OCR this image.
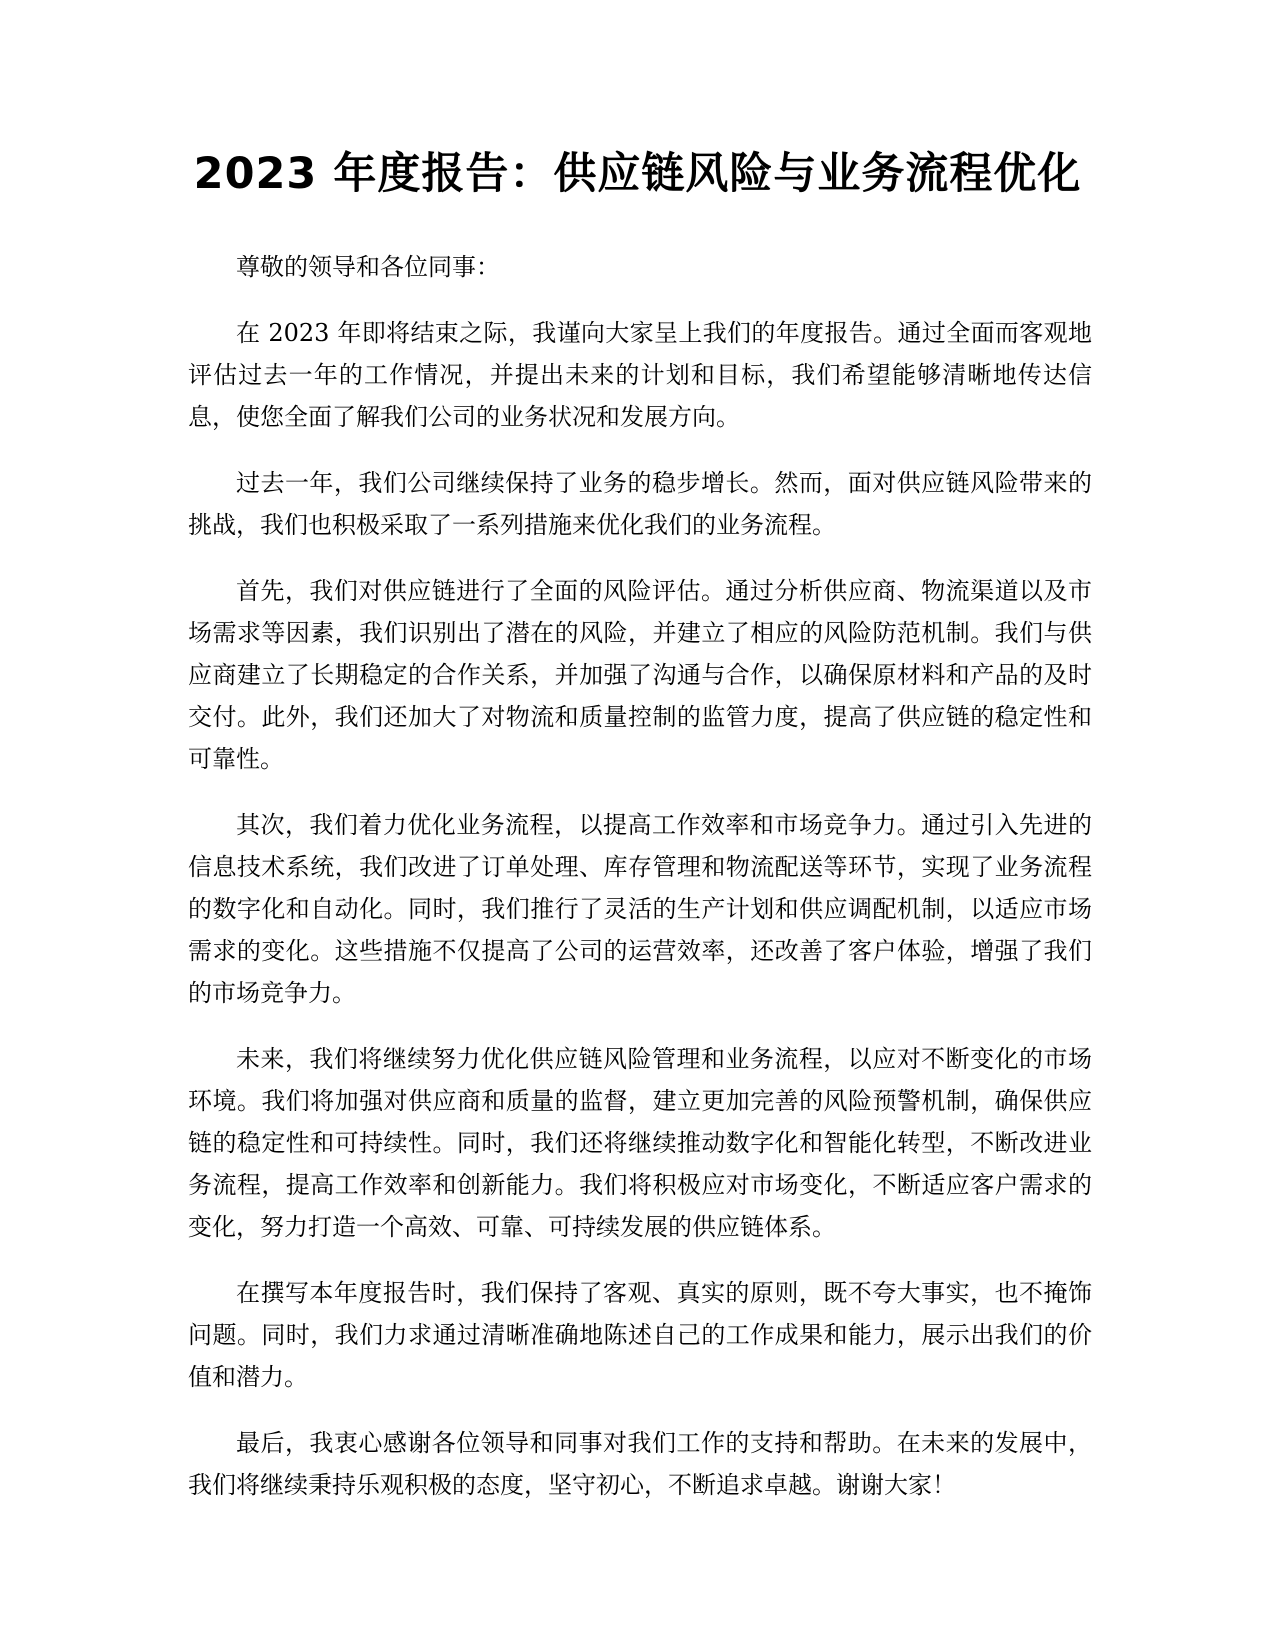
2023 年度报告：供应链风险与业务流程优化

尊敬的领导和各位同事：

在 2023 年即将结束之际，我谨向大家呈上我们的年度报告。通过全面而客观地评估过去一年的工作情况，并提出未来的计划和目标，我们希望能够清晰地传达信息，使您全面了解我们公司的业务状况和发展方向。

过去一年，我们公司继续保持了业务的稳步增长。然而，面对供应链风险带来的挑战，我们也积极采取了一系列措施来优化我们的业务流程。

首先，我们对供应链进行了全面的风险评估。通过分析供应商、物流渠道以及市场需求等因素，我们识别出了潜在的风险，并建立了相应的风险防范机制。我们与供应商建立了长期稳定的合作关系，并加强了沟通与合作，以确保原材料和产品的及时交付。此外，我们还加大了对物流和质量控制的监管力度，提高了供应链的稳定性和可靠性。

其次，我们着力优化业务流程，以提高工作效率和市场竞争力。通过引入先进的信息技术系统，我们改进了订单处理、库存管理和物流配送等环节，实现了业务流程的数字化和自动化。同时，我们推行了灵活的生产计划和供应调配机制，以适应市场需求的变化。这些措施不仅提高了公司的运营效率，还改善了客户体验，增强了我们的市场竞争力。

未来，我们将继续努力优化供应链风险管理和业务流程，以应对不断变化的市场环境。我们将加强对供应商和质量的监督，建立更加完善的风险预警机制，确保供应链的稳定性和可持续性。同时，我们还将继续推动数字化和智能化转型，不断改进业务流程，提高工作效率和创新能力。我们将积极应对市场变化，不断适应客户需求的变化，努力打造一个高效、可靠、可持续发展的供应链体系。

在撰写本年度报告时，我们保持了客观、真实的原则，既不夸大事实，也不掩饰问题。同时，我们力求通过清晰准确地陈述自己的工作成果和能力，展示出我们的价值和潜力。

最后，我衷心感谢各位领导和同事对我们工作的支持和帮助。在未来的发展中，我们将继续秉持乐观积极的态度，坚守初心，不断追求卓越。谢谢大家！
